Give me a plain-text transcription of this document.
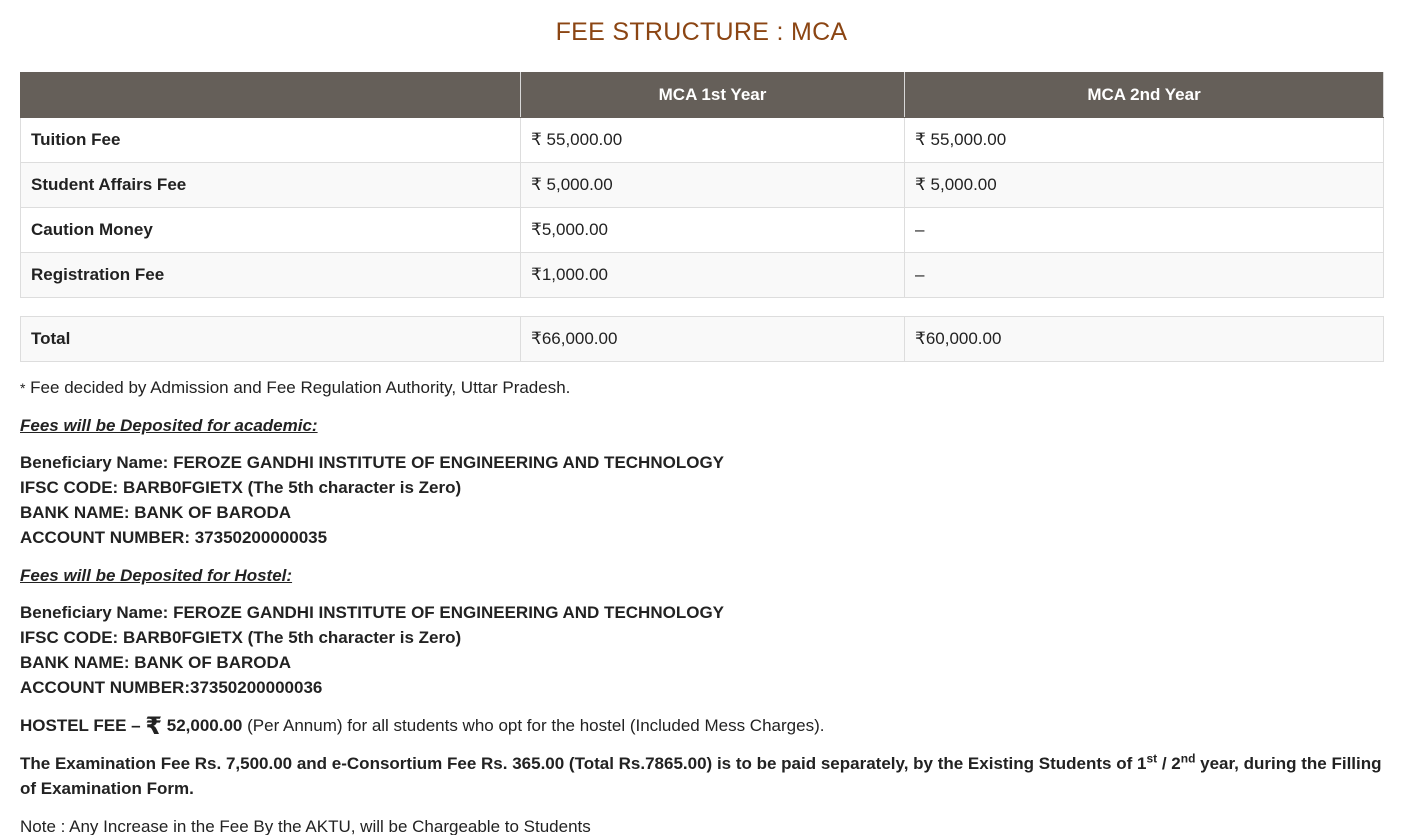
FEE STRUCTURE : MCA
	MCA 1st Year	MCA 2nd Year
Tuition Fee	₹ 55,000.00	₹ 55,000.00
Student Affairs Fee	₹ 5,000.00	₹ 5,000.00
Caution Money	₹5,000.00	–
Registration Fee	₹1,000.00	–
Total	₹66,000.00	₹60,000.00
* Fee decided by Admission and Fee Regulation Authority, Uttar Pradesh.
Fees will be Deposited for academic:
Beneficiary Name: FEROZE GANDHI INSTITUTE OF ENGINEERING AND TECHNOLOGY
IFSC CODE: BARB0FGIETX (The 5th character is Zero)
BANK NAME: BANK OF BARODA
ACCOUNT NUMBER: 37350200000035
Fees will be Deposited for Hostel:
Beneficiary Name: FEROZE GANDHI INSTITUTE OF ENGINEERING AND TECHNOLOGY
IFSC CODE: BARB0FGIETX (The 5th character is Zero)
BANK NAME: BANK OF BARODA
ACCOUNT NUMBER:37350200000036
HOSTEL FEE – ₹ 52,000.00 (Per Annum) for all students who opt for the hostel (Included Mess Charges).
The Examination Fee Rs. 7,500.00 and e-Consortium Fee Rs. 365.00 (Total Rs.7865.00) is to be paid separately, by the Existing Students of 1st / 2nd year, during the Filling of Examination Form.
Note : Any Increase in the Fee By the AKTU, will be Chargeable to Students
